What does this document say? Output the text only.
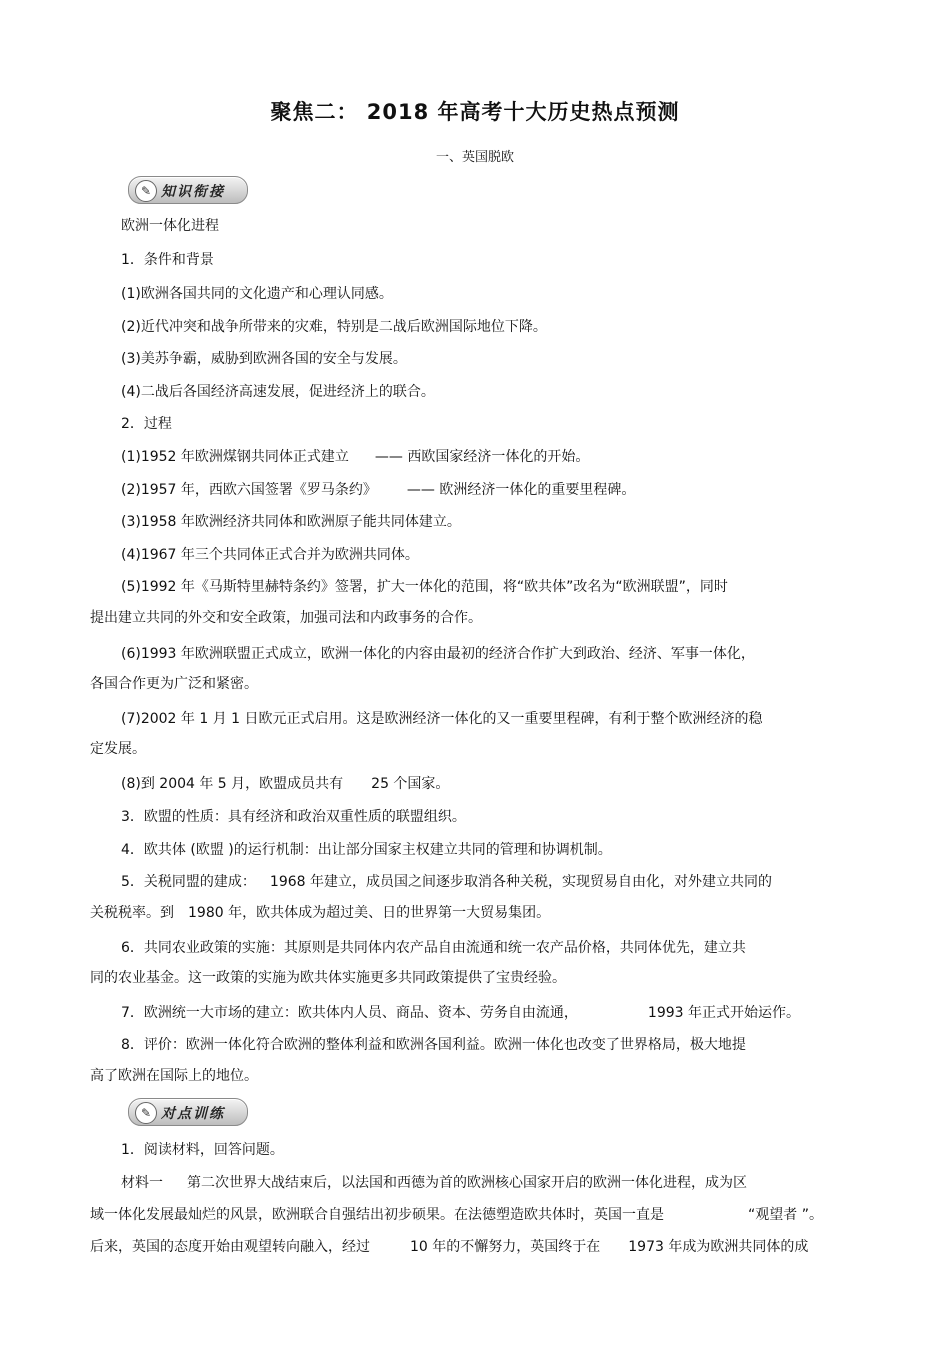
聚焦二： 2018 年高考十大历史热点预测
一、英国脱欧
✎ 知识衔接
欧洲一体化进程
1．条件和背景
(1)欧洲各国共同的文化遗产和心理认同感。
(2)近代冲突和战争所带来的灾难，特别是二战后欧洲国际地位下降。
(3)美苏争霸，威胁到欧洲各国的安全与发展。
(4)二战后各国经济高速发展，促进经济上的联合。
2．过程
(1)1952 年欧洲煤钢共同体正式建立 —— 西欧国家经济一体化的开始。
(2)1957 年，西欧六国签署《罗马条约》 —— 欧洲经济一体化的重要里程碑。
(3)1958 年欧洲经济共同体和欧洲原子能共同体建立。
(4)1967 年三个共同体正式合并为欧洲共同体。
(5)1992 年《马斯特里赫特条约》签署，扩大一体化的范围，将“欧共体”改名为“欧洲联盟”，同时
提出建立共同的外交和安全政策，加强司法和内政事务的合作。
(6)1993 年欧洲联盟正式成立，欧洲一体化的内容由最初的经济合作扩大到政治、经济、军事一体化，
各国合作更为广泛和紧密。
(7)2002 年 1 月 1 日欧元正式启用。这是欧洲经济一体化的又一重要里程碑，有利于整个欧洲经济的稳
定发展。
(8)到 2004 年 5 月，欧盟成员共有 25 个国家。
3．欧盟的性质：具有经济和政治双重性质的联盟组织。
4．欧共体 (欧盟 )的运行机制：出让部分国家主权建立共同的管理和协调机制。
5．关税同盟的建成： 1968 年建立，成员国之间逐步取消各种关税，实现贸易自由化，对外建立共同的
关税税率。到 1980 年，欧共体成为超过美、日的世界第一大贸易集团。
6．共同农业政策的实施：其原则是共同体内农产品自由流通和统一农产品价格，共同体优先，建立共
同的农业基金。这一政策的实施为欧共体实施更多共同政策提供了宝贵经验。
7．欧洲统一大市场的建立：欧共体内人员、商品、资本、劳务自由流通，	1993 年正式开始运作。
8．评价：欧洲一体化符合欧洲的整体利益和欧洲各国利益。欧洲一体化也改变了世界格局，极大地提
高了欧洲在国际上的地位。
✎ 对点训练
1．阅读材料，回答问题。
材料一 第二次世界大战结束后，以法国和西德为首的欧洲核心国家开启的欧洲一体化进程，成为区
域一体化发展最灿烂的风景，欧洲联合自强结出初步硕果。在法德塑造欧共体时，英国一直是	“观望者 ”。
后来，英国的态度开始由观望转向融入，经过	10 年的不懈努力，英国终于在 1973 年成为欧洲共同体的成
